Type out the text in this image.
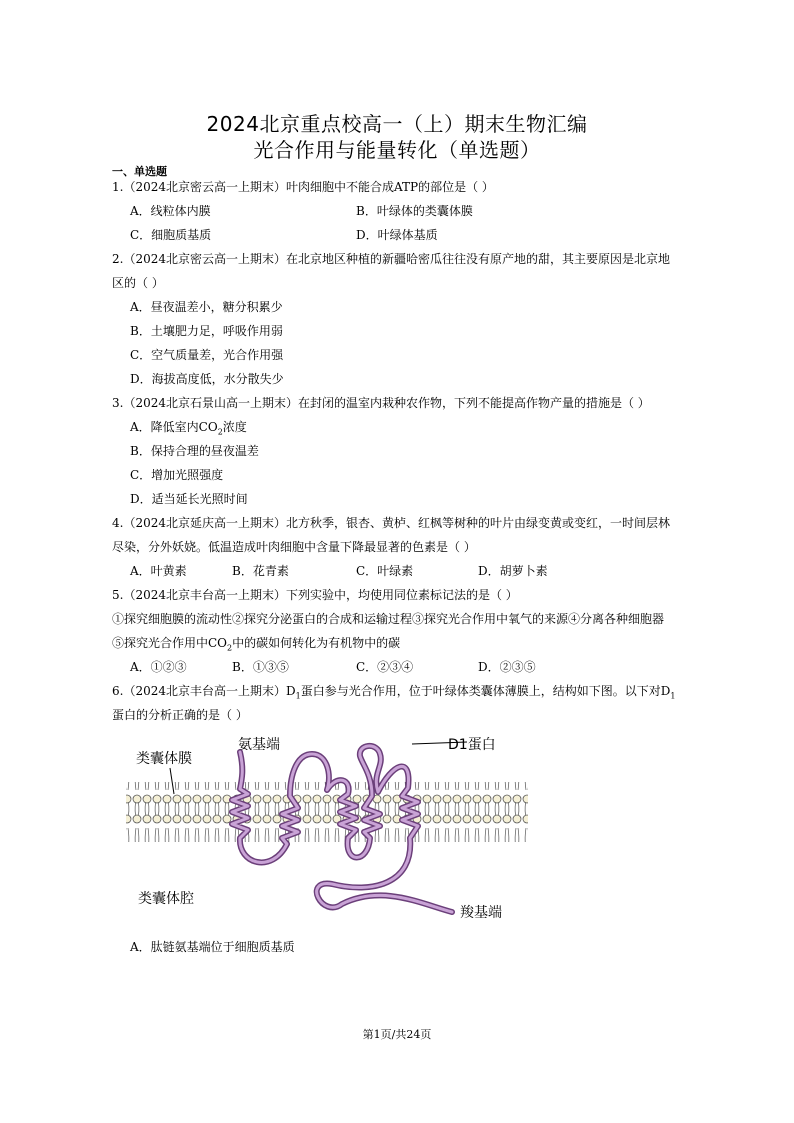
2024北京重点校高一（上）期末生物汇编
光合作用与能量转化（单选题）
一、单选题
1.（2024北京密云高一上期末）叶肉细胞中不能合成ATP的部位是（ ）
A．线粒体内膜	B．叶绿体的类囊体膜
C．细胞质基质	D．叶绿体基质
2.（2024北京密云高一上期末）在北京地区种植的新疆哈密瓜往往没有原产地的甜，其主要原因是北京地
区的（ ）
A．昼夜温差小，糖分积累少
B．土壤肥力足，呼吸作用弱
C．空气质量差，光合作用强
D．海拔高度低，水分散失少
3.（2024北京石景山高一上期末）在封闭的温室内栽种农作物，下列不能提高作物产量的措施是（ ）
A．降低室内$CO_2$浓度
B．保持合理的昼夜温差
C．增加光照强度
D．适当延长光照时间
4.（2024北京延庆高一上期末）北方秋季，银杏、黄栌、红枫等树种的叶片由绿变黄或变红，一时间层林
尽染，分外妖娆。低温造成叶肉细胞中含量下降最显著的色素是（ ）
A．叶黄素	B．花青素	C．叶绿素	D．胡萝卜素
5.（2024北京丰台高一上期末）下列实验中，均使用同位素标记法的是（ ）
①探究细胞膜的流动性②探究分泌蛋白的合成和运输过程③探究光合作用中氧气的来源④分离各种细胞器
⑤探究光合作用中$CO_2$中的碳如何转化为有机物中的碳
A．①②③	B．①③⑤	C．②③④	D．②③⑤
6.（2024北京丰台高一上期末）$D_1$蛋白参与光合作用，位于叶绿体类囊体薄膜上，结构如下图。以下对$D_1$
蛋白的分析正确的是（ ）
类囊体膜
氨基端	D1蛋白
类囊体腔
羧基端
A．肽链氨基端位于细胞质基质
第1页/共24页
